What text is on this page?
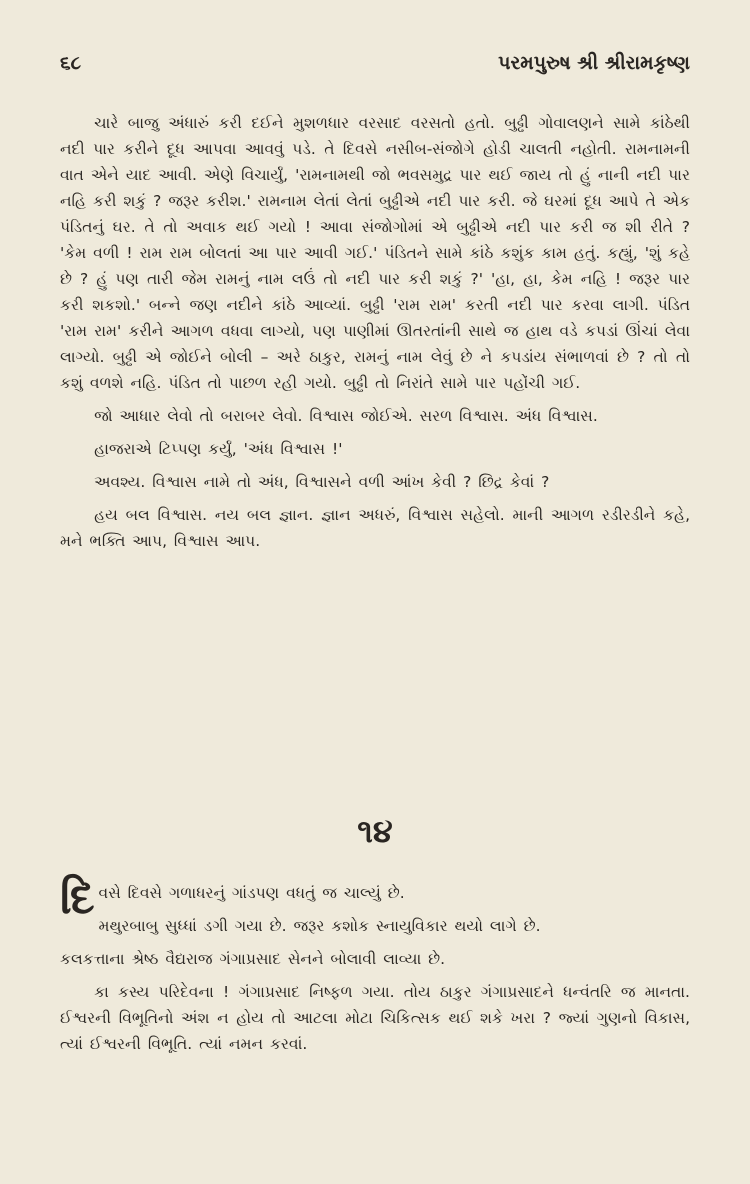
૬૮	પરમપુરુષ શ્રી શ્રીરામકૃષ્ણ

ચારે બાજુ અંધારું કરી દઈને મુશળધાર વરસાદ વરસતો હતો. બુઢ્ઢી ગોવાલણને સામે કાંઠેથી નદી પાર કરીને દૂધ આપવા આવવું પડે. તે દિવસે નસીબ-સંજોગે હોડી ચાલતી નહોતી. રામનામની વાત એને યાદ આવી. એણે વિચાર્યું, 'રામનામથી જો ભવસમુદ્ર પાર થઈ જાય તો હું નાની નદી પાર નહિ કરી શકું ? જરૂર કરીશ.' રામનામ લેતાં લેતાં બુઢ્ઢીએ નદી પાર કરી. જે ઘરમાં દૂધ આપે તે એક પંડિતનું ઘર. તે તો અવાક થઈ ગયો ! આવા સંજોગોમાં એ બુઢ્ઢીએ નદી પાર કરી જ શી રીતે ? 'કેમ વળી ! રામ રામ બોલતાં આ પાર આવી ગઈ.' પંડિતને સામે કાંઠે કશુંક કામ હતું. કહ્યું, 'શું કહે છે ? હું પણ તારી જેમ રામનું નામ લઉં તો નદી પાર કરી શકું ?' 'હા, હા, કેમ નહિ ! જરૂર પાર કરી શકશો.' બન્ને જણ નદીને કાંઠે આવ્યાં. બુઢ્ઢી 'રામ રામ' કરતી નદી પાર કરવા લાગી. પંડિત 'રામ રામ' કરીને આગળ વધવા લાગ્યો, પણ પાણીમાં ઊતરતાંની સાથે જ હાથ વડે કપડાં ઊંચાં લેવા લાગ્યો. બુઢ્ઢી એ જોઈને બોલી – અરે ઠાકુર, રામનું નામ લેવું છે ને કપડાંય સંભાળવાં છે ? તો તો કશું વળશે નહિ. પંડિત તો પાછળ રહી ગયો. બુઢ્ઢી તો નિરાંતે સામે પાર પહોંચી ગઈ.

જો આધાર લેવો તો બરાબર લેવો. વિશ્વાસ જોઈએ. સરળ વિશ્વાસ. અંધ વિશ્વાસ.

હાજરાએ ટિપ્પણ કર્યું, 'અંધ વિશ્વાસ !'

અવશ્ય. વિશ્વાસ નામે તો અંધ, વિશ્વાસને વળી આંખ કેવી ? છિદ્ર કેવાં ?

હય બલ વિશ્વાસ. નય બલ જ્ઞાન. જ્ઞાન અધરું, વિશ્વાસ સહેલો. માની આગળ રડીરડીને કહે, મને ભક્તિ આપ, વિશ્વાસ આપ.

૧૪

દિવસે દિવસે ગળાધરનું ગાંડપણ વધતું જ ચાલ્યું છે.

મથુરબાબુ સુધ્ધાં ડગી ગયા છે. જરૂર કશોક સ્નાયુવિકાર થયો લાગે છે.

કલકત્તાના શ્રેષ્ઠ વૈદ્યરાજ ગંગાપ્રસાદ સેનને બોલાવી લાવ્યા છે.

કા કસ્ય પરિદેવના ! ગંગાપ્રસાદ નિષ્ફળ ગયા. તોય ઠાકુર ગંગાપ્રસાદને ધન્વંતરિ જ માનતા. ઈશ્વરની વિભૂતિનો અંશ ન હોય તો આટલા મોટા ચિકિત્સક થઈ શકે ખરા ? જ્યાં ગુણનો વિકાસ, ત્યાં ઈશ્વરની વિભૂતિ. ત્યાં નમન કરવાં.
